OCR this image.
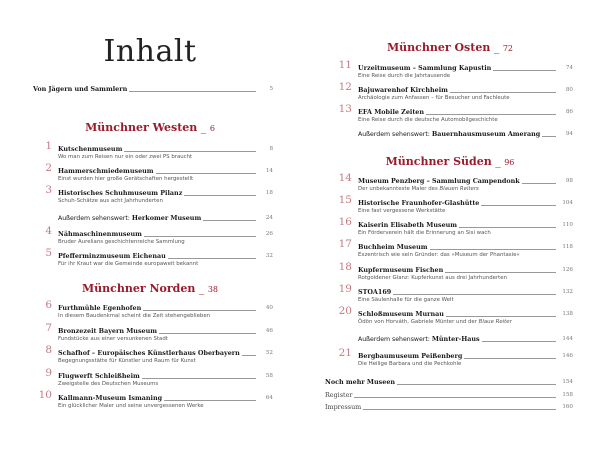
Inhalt
Von Jägern und Sammlern	5
Münchner Westen _ 6
1 Kutschenmuseum	8
Wo man zum Reisen nur ein oder zwei PS braucht
2 Hammerschmiedemuseum	14
Einst wurden hier große Gerätschaften hergestellt
3 Historisches Schuhmuseum Pilanz	18
Schuh-Schätze aus acht Jahrhunderten
Außerdem sehenswert: Herkomer Museum	24
4 Nähmaschinenmuseum	26
Bruder Aurelians geschichtenreiche Sammlung
5 Pfefferminzmuseum Eichenau	32
Für ihr Kraut war die Gemeinde europaweit bekannt
6 Furthmühle Egenhofen	40
In diesem Baudenkmal scheint die Zeit stehengeblieben
7 Bronzezeit Bayern Museum	46
Fundstücke aus einer versunkenen Stadt
8 Schafhof – Europäisches Künstlerhaus Oberbayern	52
Begegnungsstätte für Künstler und Raum für Kunst
9 Flugwerft Schleißheim	58
Zweigstelle des Deutschen Museums
10 Kallmann-Museum Ismaning	64
Ein glücklicher Maler und seine unvergessenen Werke
Münchner Norden _ 38
Münchner Osten _ 72
Münchner Süden _ 96
11 Urzeitmuseum – Sammlung Kapustin	74
Eine Reise durch die Jahrtausende
12 Bajuwarenhof Kirchheim	80
Archäologie zum Anfassen – für Besucher und Fachleute
13 EFA Mobile Zeiten	86
Eine Reise durch die deutsche Automobilgeschichte
Außerdem sehenswert: Bauernhausmuseum Amerang	94
14 Museum Penzberg – Sammlung Campendonk	98
Der unbekannteste Maler des Blauen Reiters
15 Historische Fraunhofer-Glashütte	104
Eine fast vergessene Werkstätte
16 Kaiserin Elisabeth Museum	110
Ein Förderverein hält die Erinnerung an Sisi wach
17 Buchheim Museum	118
Exzentrisch wie sein Gründer: das »Museum der Phantasie«
18 Kupfermuseum Fischen	126
Rotgoldener Glanz: Kupferkunst aus drei Jahrhunderten
19 STOA169	132
Eine Säulenhalle für die ganze Welt
20 Schloßmuseum Murnau	138
Ödön von Horváth, Gabriele Münter und der Blaue Reiter
Außerdem sehenswert: Münter-Haus	144
21 Bergbaumuseum Peißenberg	146
Die Heilige Barbara und die Pechkohle
Noch mehr Museen	154
Register	158
Impressum	160
